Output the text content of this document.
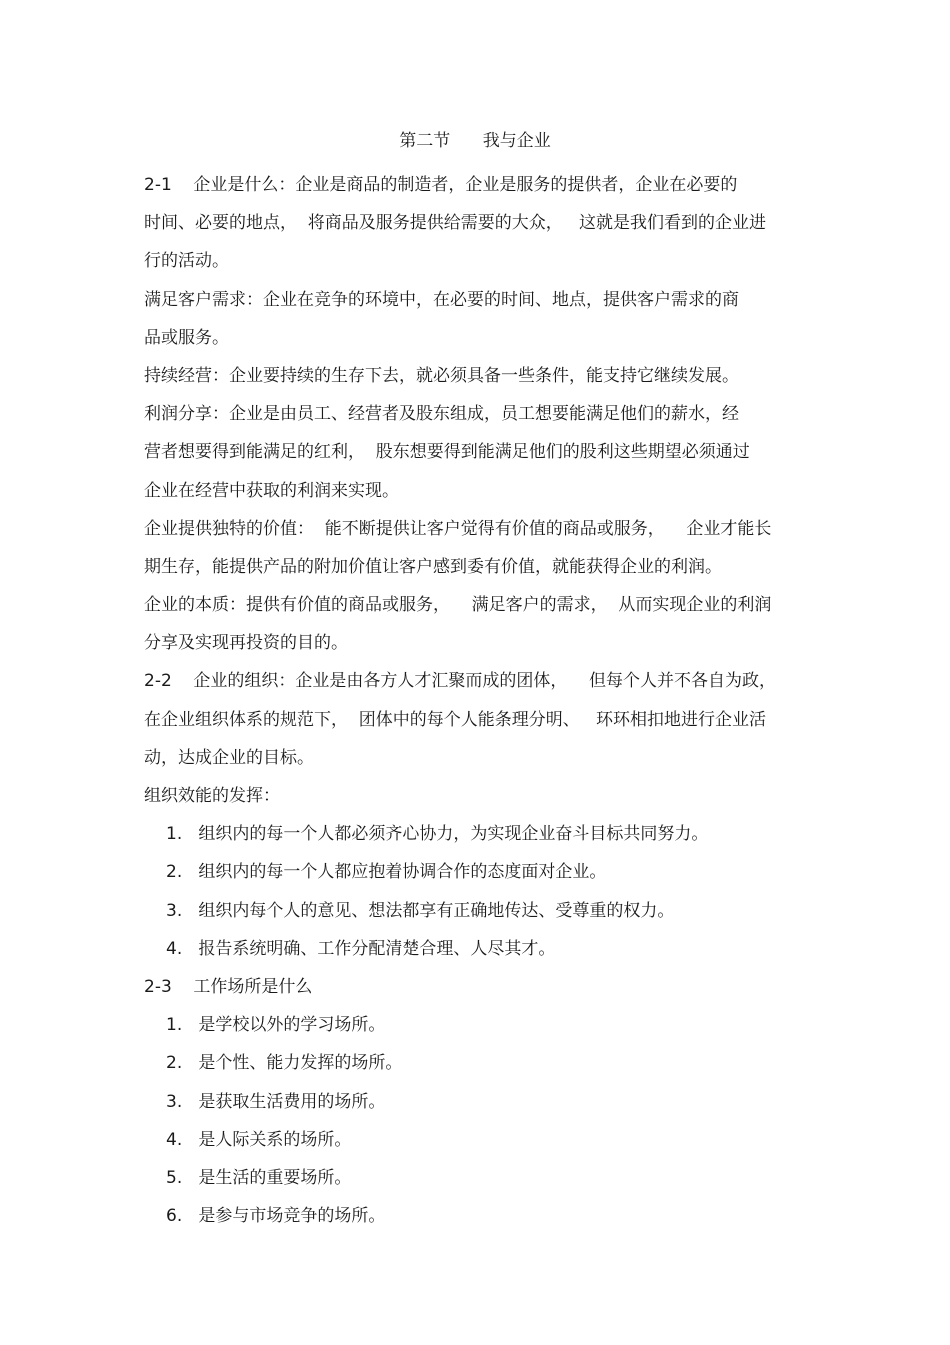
第二节      我与企业
2-1    企业是什么：企业是商品的制造者，企业是服务的提供者，企业在必要的
时间、必要的地点，  将商品及服务提供给需要的大众，   这就是我们看到的企业进
行的活动。
满足客户需求：企业在竞争的环境中，在必要的时间、地点，提供客户需求的商
品或服务。
持续经营：企业要持续的生存下去，就必须具备一些条件，能支持它继续发展。
利润分享：企业是由员工、经营者及股东组成，员工想要能满足他们的薪水，经
营者想要得到能满足的红利，  股东想要得到能满足他们的股利这些期望必须通过
企业在经营中获取的利润来实现。
企业提供独特的价值：  能不断提供让客户觉得有价值的商品或服务，    企业才能长
期生存，能提供产品的附加价值让客户感到委有价值，就能获得企业的利润。
企业的本质：提供有价值的商品或服务，    满足客户的需求，  从而实现企业的利润
分享及实现再投资的目的。
2-2    企业的组织：企业是由各方人才汇聚而成的团体，    但每个人并不各自为政，
在企业组织体系的规范下，  团体中的每个人能条理分明、   环环相扣地进行企业活
动，达成企业的目标。
组织效能的发挥：
1.   组织内的每一个人都必须齐心协力，为实现企业奋斗目标共同努力。
2.   组织内的每一个人都应抱着协调合作的态度面对企业。
3.   组织内每个人的意见、想法都享有正确地传达、受尊重的权力。
4.   报告系统明确、工作分配清楚合理、人尽其才。
2-3    工作场所是什么
1.   是学校以外的学习场所。
2.   是个性、能力发挥的场所。
3.   是获取生活费用的场所。
4.   是人际关系的场所。
5.   是生活的重要场所。
6.   是参与市场竞争的场所。
